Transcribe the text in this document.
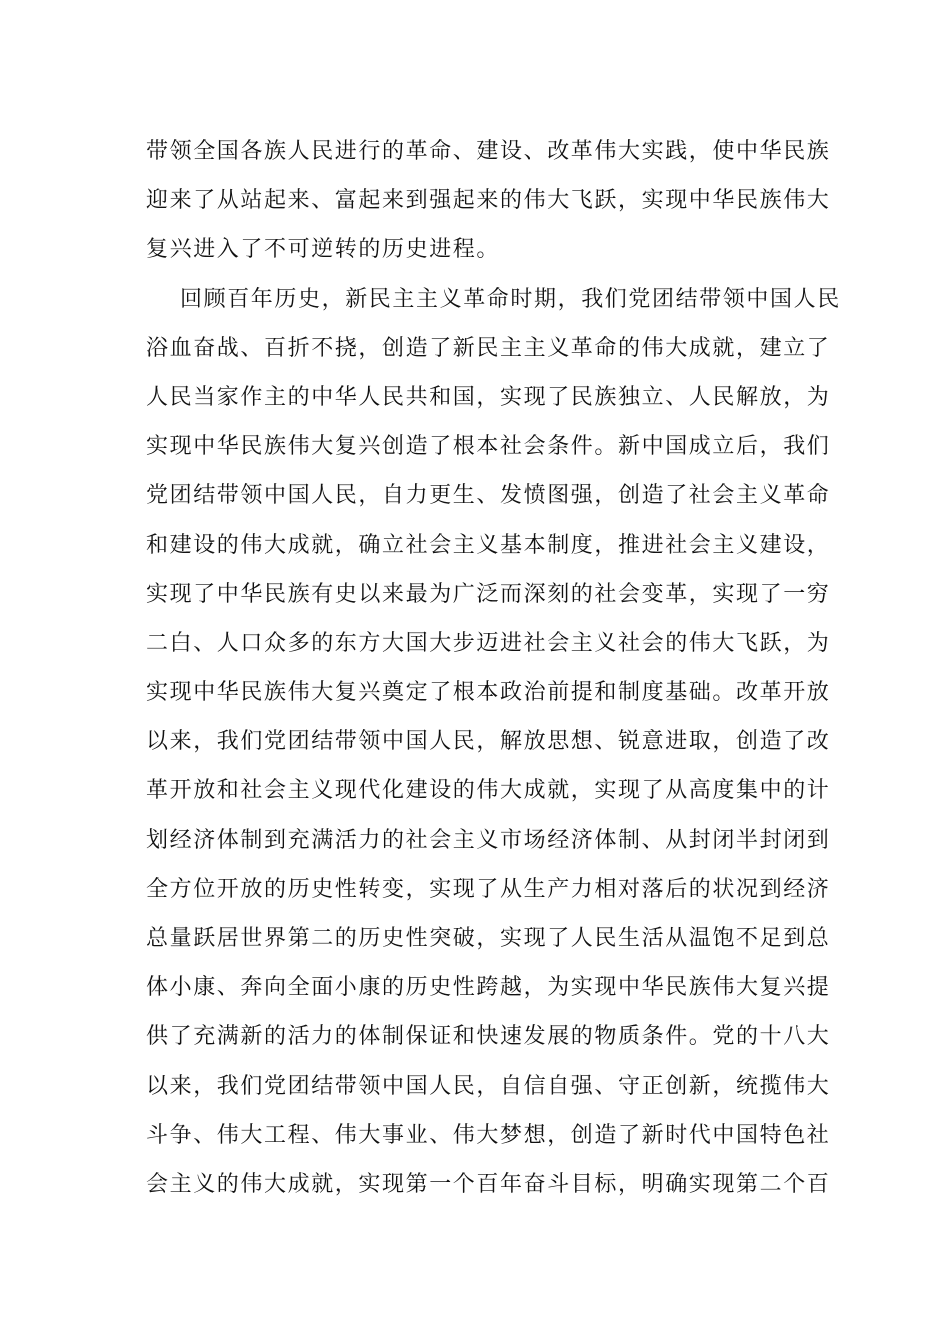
带领全国各族人民进行的革命、建设、改革伟大实践，使中华民族
迎来了从站起来、富起来到强起来的伟大飞跃，实现中华民族伟大
复兴进入了不可逆转的历史进程。
回顾百年历史，新民主主义革命时期，我们党团结带领中国人民
浴血奋战、百折不挠，创造了新民主主义革命的伟大成就，建立了
人民当家作主的中华人民共和国，实现了民族独立、人民解放，为
实现中华民族伟大复兴创造了根本社会条件。新中国成立后，我们
党团结带领中国人民，自力更生、发愤图强，创造了社会主义革命
和建设的伟大成就，确立社会主义基本制度，推进社会主义建设，
实现了中华民族有史以来最为广泛而深刻的社会变革，实现了一穷
二白、人口众多的东方大国大步迈进社会主义社会的伟大飞跃，为
实现中华民族伟大复兴奠定了根本政治前提和制度基础。改革开放
以来，我们党团结带领中国人民，解放思想、锐意进取，创造了改
革开放和社会主义现代化建设的伟大成就，实现了从高度集中的计
划经济体制到充满活力的社会主义市场经济体制、从封闭半封闭到
全方位开放的历史性转变，实现了从生产力相对落后的状况到经济
总量跃居世界第二的历史性突破，实现了人民生活从温饱不足到总
体小康、奔向全面小康的历史性跨越，为实现中华民族伟大复兴提
供了充满新的活力的体制保证和快速发展的物质条件。党的十八大
以来，我们党团结带领中国人民，自信自强、守正创新，统揽伟大
斗争、伟大工程、伟大事业、伟大梦想，创造了新时代中国特色社
会主义的伟大成就，实现第一个百年奋斗目标，明确实现第二个百
